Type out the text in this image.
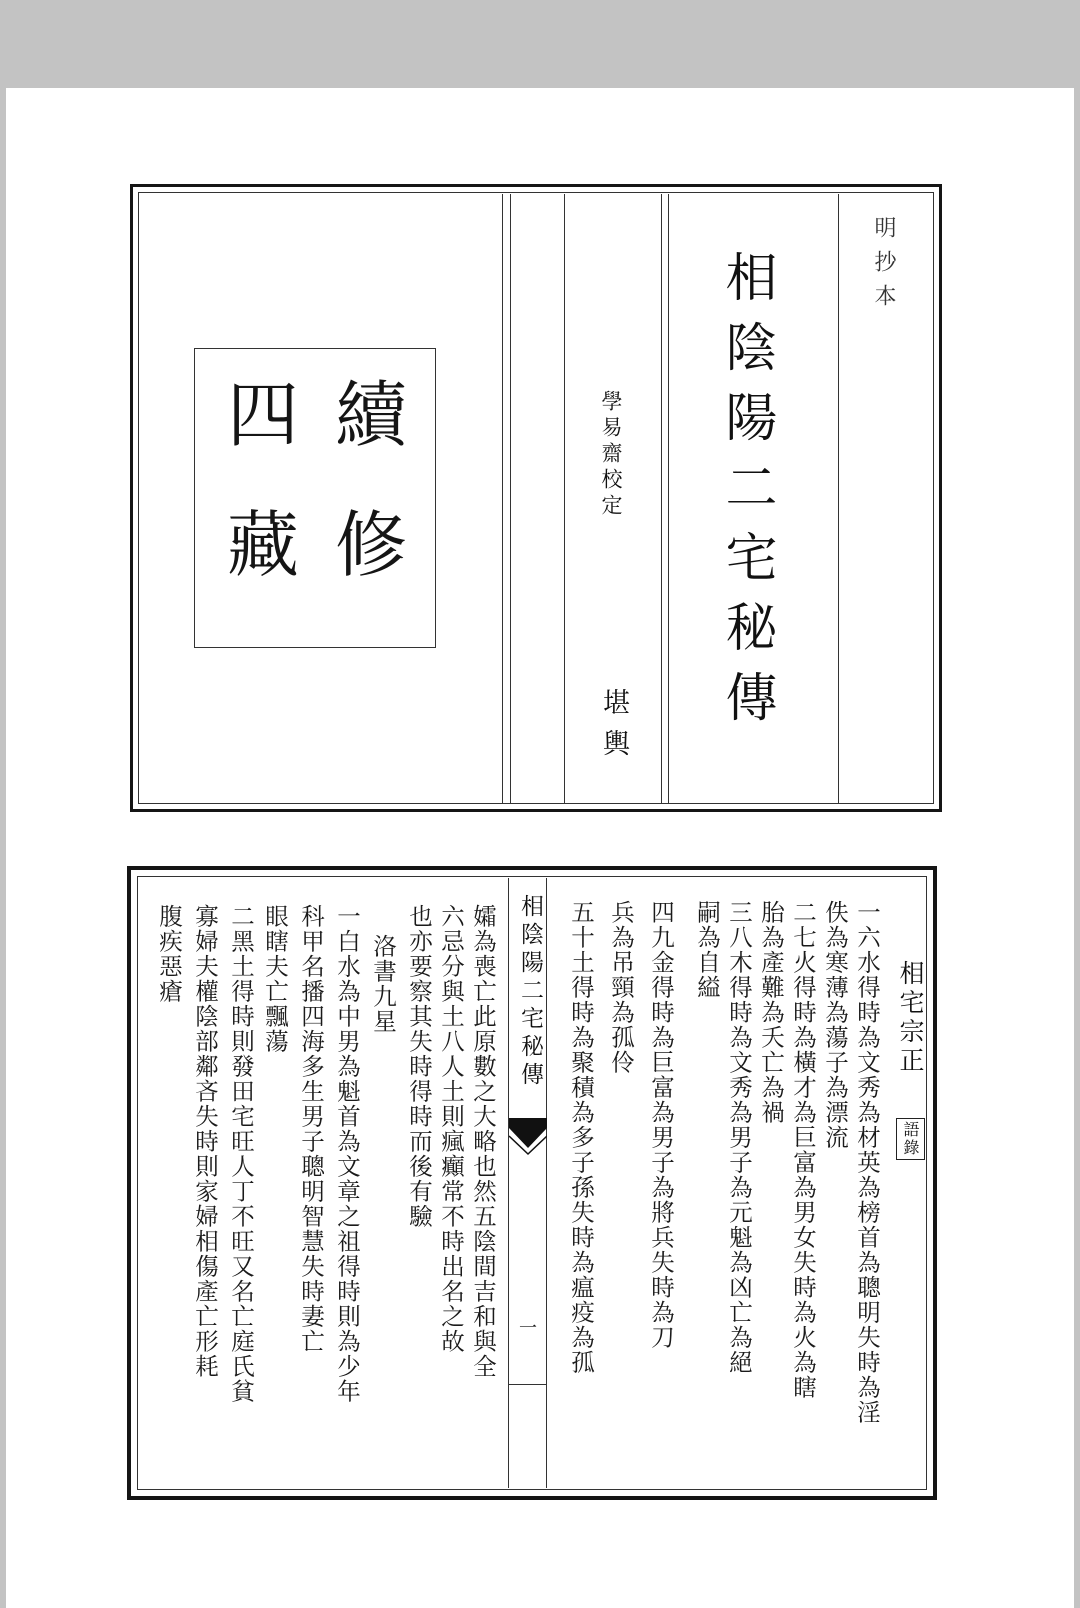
明抄本
相陰陽二宅秘傳
學易齋校定
堪輿
續
修
四
藏
相陰陽二宅秘傳
一
相宅宗正
語錄
一六水得時為文秀為材英為榜首為聰明失時為淫
佚為寒薄為蕩子為漂流
二七火得時為橫才為巨富為男女失時為火為瞎
胎為產難為夭亡為禍
三八木得時為文秀為男子為元魁為凶亡為絕
嗣為自縊
四九金得時為巨富為男子為將兵失時為刀
兵為吊頸為孤伶
五十土得時為聚積為多子孫失時為瘟疫為孤
孀為喪亡此原數之大略也然五陰間吉和與全
六忌分與土八人土則瘋癲常不時出名之故
也亦要察其失時得時而後有驗
洛書九星
一白水為中男為魁首為文章之祖得時則為少年
科甲名播四海多生男子聰明智慧失時妻亡
眼瞎夫亡飄蕩
二黑土得時則發田宅旺人丁不旺又名亡庭氏貧
寡婦夫權陰部鄰吝失時則家婦相傷產亡形耗
腹疾惡瘡
